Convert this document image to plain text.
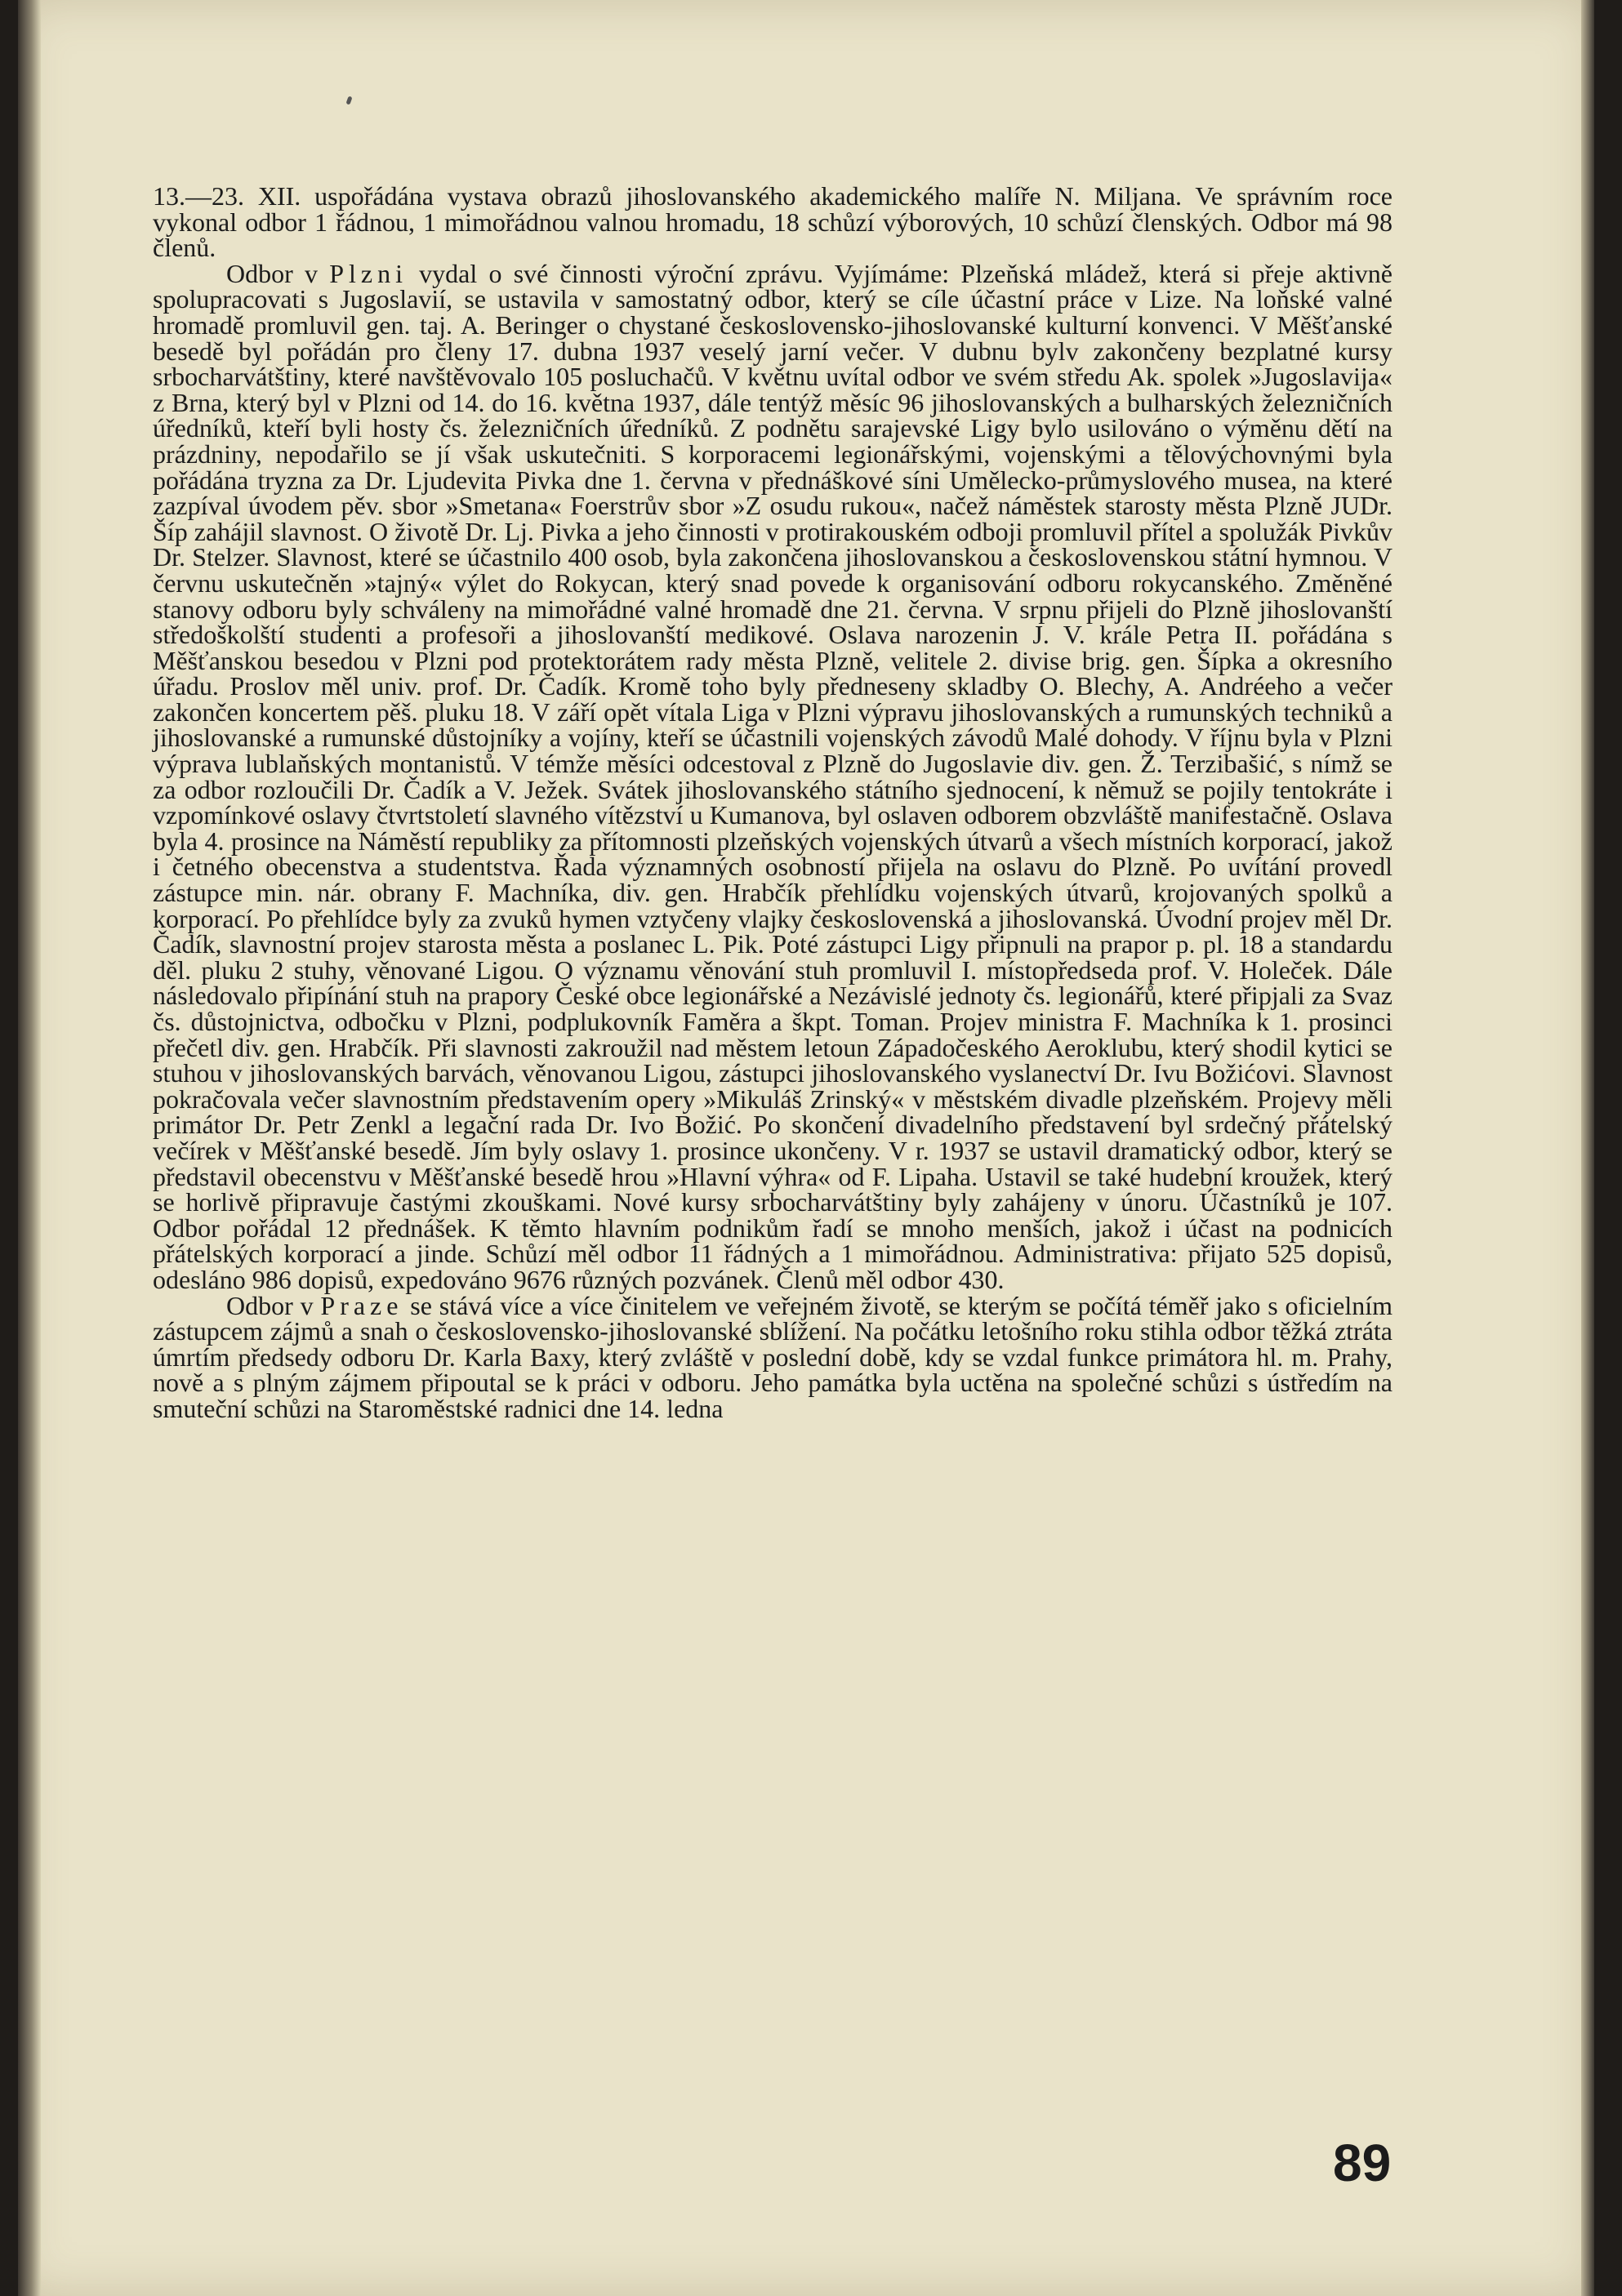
13.—23. XII. uspořádána vystava obrazů jihoslovanského akademického malíře N. Miljana. Ve správním roce vykonal odbor 1 řádnou, 1 mimořádnou valnou hromadu, 18 schůzí výborových, 10 schůzí členských. Odbor má 98 členů.

Odbor v Plzni vydal o své činnosti výroční zprávu. Vyjímáme: Plzeňská mládež, která si přeje aktivně spolupracovati s Jugoslavií, se ustavila v samostatný odbor, který se cíle účastní práce v Lize. Na loňské valné hromadě promluvil gen. taj. A. Beringer o chystané československo-jihoslovanské kulturní konvenci. V Měšťanské besedě byl pořádán pro členy 17. dubna 1937 veselý jarní večer. V dubnu bylv zakončeny bezplatné kursy srbocharvátštiny, které navštěvovalo 105 posluchačů. V květnu uvítal odbor ve svém středu Ak. spolek »Jugoslavija« z Brna, který byl v Plzni od 14. do 16. května 1937, dále tentýž měsíc 96 jihoslovanských a bulharských železničních úředníků, kteří byli hosty čs. železničních úředníků. Z podnětu sarajevské Ligy bylo usilováno o výměnu dětí na prázdniny, nepodařilo se jí však uskutečniti. S korporacemi legionářskými, vojenskými a tělovýchovnými byla pořádána tryzna za Dr. Ljudevita Pivka dne 1. června v přednáškové síni Umělecko-průmyslového musea, na které zazpíval úvodem pěv. sbor »Smetana« Foerstrův sbor »Z osudu rukou«, načež náměstek starosty města Plzně JUDr. Šíp zahájil slavnost. O životě Dr. Lj. Pivka a jeho činnosti v protirakouském odboji promluvil přítel a spolužák Pivkův Dr. Stelzer. Slavnost, které se účastnilo 400 osob, byla zakončena jihoslovanskou a československou státní hymnou. V červnu uskutečněn »tajný« výlet do Rokycan, který snad povede k organisování odboru rokycanského. Změněné stanovy odboru byly schváleny na mimořádné valné hromadě dne 21. června. V srpnu přijeli do Plzně jihoslovanští středoškolští studenti a profesoři a jihoslovanští medikové. Oslava narozenin J. V. krále Petra II. pořádána s Měšťanskou besedou v Plzni pod protektorátem rady města Plzně, velitele 2. divise brig. gen. Šípka a okresního úřadu. Proslov měl univ. prof. Dr. Čadík. Kromě toho byly předneseny skladby O. Blechy, A. Andréeho a večer zakončen koncertem pěš. pluku 18. V září opět vítala Liga v Plzni výpravu jihoslovanských a rumunských techniků a jihoslovanské a rumunské důstojníky a vojíny, kteří se účastnili vojenských závodů Malé dohody. V říjnu byla v Plzni výprava lublaňských montanistů. V témže měsíci odcestoval z Plzně do Jugoslavie div. gen. Ž. Terzibašić, s nímž se za odbor rozloučili Dr. Čadík a V. Ježek. Svátek jihoslovanského státního sjednocení, k němuž se pojily tentokráte i vzpomínkové oslavy čtvrtstoletí slavného vítězství u Kumanova, byl oslaven odborem obzvláště manifestačně. Oslava byla 4. prosince na Náměstí republiky za přítomnosti plzeňských vojenských útvarů a všech místních korporací, jakož i četného obecenstva a studentstva. Řada významných osobností přijela na oslavu do Plzně. Po uvítání provedl zástupce min. nár. obrany F. Machníka, div. gen. Hrabčík přehlídku vojenských útvarů, krojovaných spolků a korporací. Po přehlídce byly za zvuků hymen vztyčeny vlajky československá a jihoslovanská. Úvodní projev měl Dr. Čadík, slavnostní projev starosta města a poslanec L. Pik. Poté zástupci Ligy připnuli na prapor p. pl. 18 a standardu děl. pluku 2 stuhy, věnované Ligou. O významu věnování stuh promluvil I. místopředseda prof. V. Holeček. Dále následovalo připínání stuh na prapory České obce legionářské a Nezávislé jednoty čs. legionářů, které připjali za Svaz čs. důstojnictva, odbočku v Plzni, podplukovník Faměra a škpt. Toman. Projev ministra F. Machníka k 1. prosinci přečetl div. gen. Hrabčík. Při slavnosti zakroužil nad městem letoun Západočeského Aeroklubu, který shodil kytici se stuhou v jihoslovanských barvách, věnovanou Ligou, zástupci jihoslovanského vyslanectví Dr. Ivu Božićovi. Slavnost pokračovala večer slavnostním představením opery »Mikuláš Zrinský« v městském divadle plzeňském. Projevy měli primátor Dr. Petr Zenkl a legační rada Dr. Ivo Božić. Po skončení divadelního představení byl srdečný přátelský večírek v Měšťanské besedě. Jím byly oslavy 1. prosince ukončeny. V r. 1937 se ustavil dramatický odbor, který se představil obecenstvu v Měšťanské besedě hrou »Hlavní výhra« od F. Lipaha. Ustavil se také hudební kroužek, který se horlivě připravuje častými zkouškami. Nové kursy srbocharvátštiny byly zahájeny v únoru. Účastníků je 107. Odbor pořádal 12 přednášek. K těmto hlavním podnikům řadí se mnoho menších, jakož i účast na podnicích přátelských korporací a jinde. Schůzí měl odbor 11 řádných a 1 mimořádnou. Administrativa: přijato 525 dopisů, odesláno 986 dopisů, expedováno 9676 různých pozvánek. Členů měl odbor 430.

Odbor v Praze se stává více a více činitelem ve veřejném životě, se kterým se počítá téměř jako s oficielním zástupcem zájmů a snah o československo-jihoslovanské sblížení. Na počátku letošního roku stihla odbor těžká ztráta úmrtím předsedy odboru Dr. Karla Baxy, který zvláště v poslední době, kdy se vzdal funkce primátora hl. m. Prahy, nově a s plným zájmem připoutal se k práci v odboru. Jeho památka byla uctěna na společné schůzi s ústředím na smuteční schůzi na Staroměstské radnici dne 14. ledna

89
